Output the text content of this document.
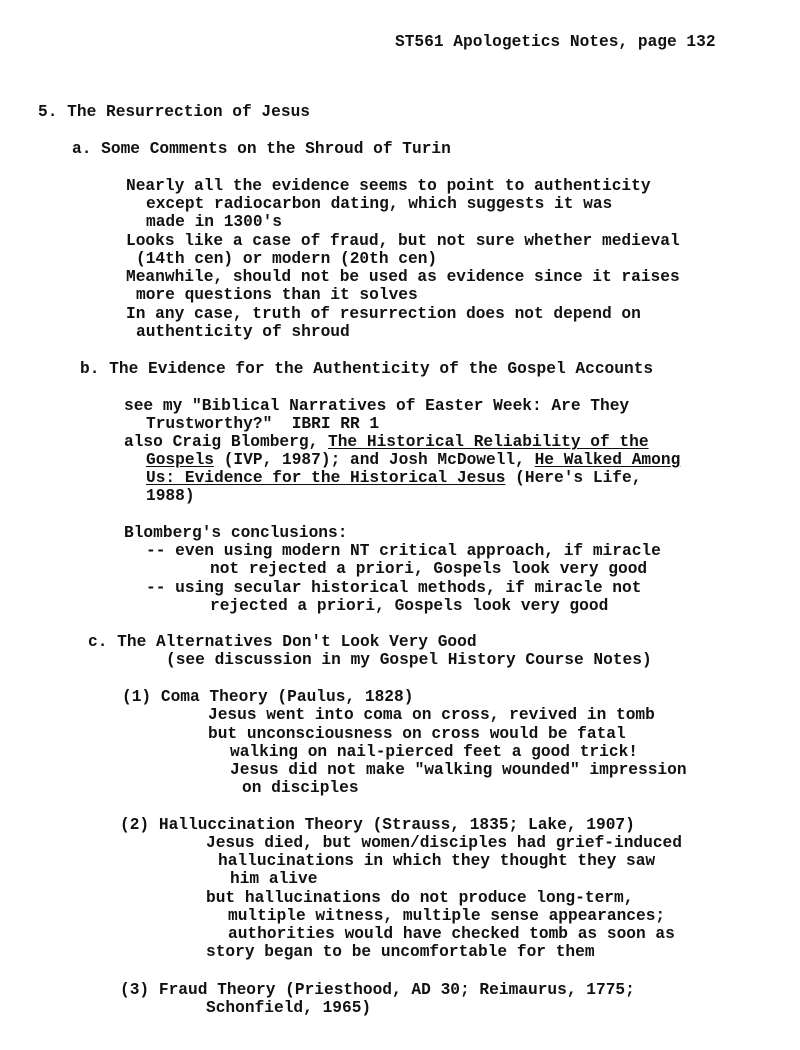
ST561 Apologetics Notes, page 132
5. The Resurrection of Jesus
a. Some Comments on the Shroud of Turin
Nearly all the evidence seems to point to authenticity
except radiocarbon dating, which suggests it was
made in 1300's
Looks like a case of fraud, but not sure whether medieval
(14th cen) or modern (20th cen)
Meanwhile, should not be used as evidence since it raises
more questions than it solves
In any case, truth of resurrection does not depend on
authenticity of shroud
b. The Evidence for the Authenticity of the Gospel Accounts
see my "Biblical Narratives of Easter Week: Are They
Trustworthy?"  IBRI RR 1
also Craig Blomberg, The Historical Reliability of the
Gospels (IVP, 1987); and Josh McDowell, He Walked Among
Us: Evidence for the Historical Jesus (Here's Life,
1988)
Blomberg's conclusions:
-- even using modern NT critical approach, if miracle
not rejected a priori, Gospels look very good
-- using secular historical methods, if miracle not
rejected a priori, Gospels look very good
c. The Alternatives Don't Look Very Good
(see discussion in my Gospel History Course Notes)
(1) Coma Theory (Paulus, 1828)
Jesus went into coma on cross, revived in tomb
but unconsciousness on cross would be fatal
walking on nail-pierced feet a good trick!
Jesus did not make "walking wounded" impression
on disciples
(2) Halluccination Theory (Strauss, 1835; Lake, 1907)
Jesus died, but women/disciples had grief-induced
hallucinations in which they thought they saw
him alive
but hallucinations do not produce long-term,
multiple witness, multiple sense appearances;
authorities would have checked tomb as soon as
story began to be uncomfortable for them
(3) Fraud Theory (Priesthood, AD 30; Reimaurus, 1775;
Schonfield, 1965)
